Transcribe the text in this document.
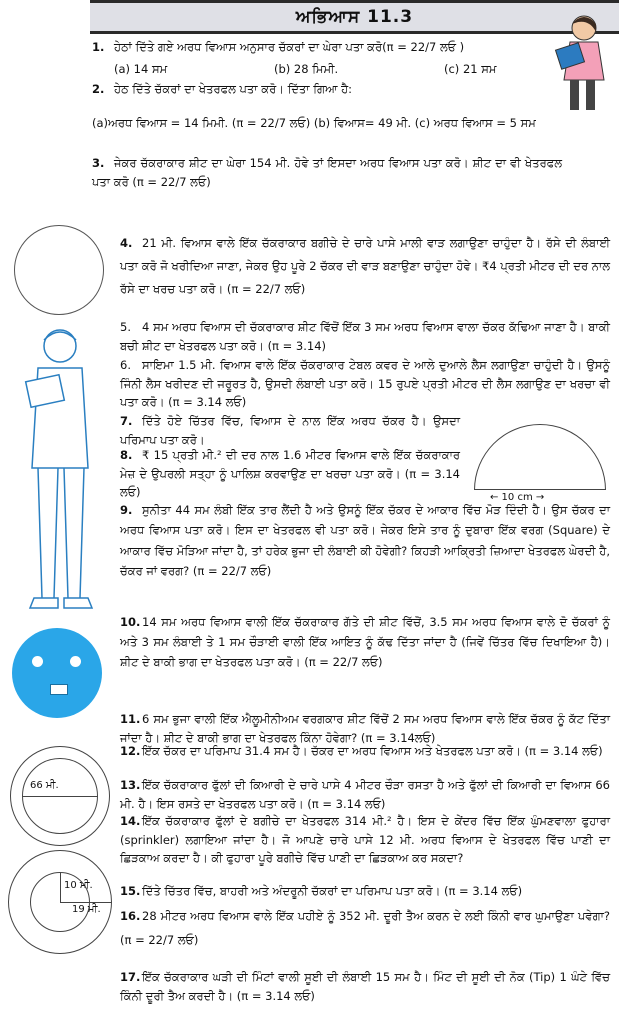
ਅਭਿਆਸ 11.3

1. ਹੇਠਾਂ ਦਿੱਤੇ ਗਏ ਅਰਧ ਵਿਆਸ ਅਨੁਸਾਰ ਚੱਕਰਾਂ ਦਾ ਘੇਰਾ ਪਤਾ ਕਰੋ(π = 22/7 ਲਓ )

(a) 14 ਸਮ	(b) 28 ਮਿਮੀ.	(c) 21 ਸਮ

2. ਹੇਠ ਦਿੱਤੇ ਚੱਕਰਾਂ ਦਾ ਖੇਤਰਫਲ ਪਤਾ ਕਰੋ। ਦਿੱਤਾ ਗਿਆ ਹੈ:

(a)ਅਰਧ ਵਿਆਸ = 14 ਮਿਮੀ. (π = 22/7 ਲਓ) (b) ਵਿਆਸ= 49 ਮੀ. (c) ਅਰਧ ਵਿਆਸ = 5 ਸਮ

3. ਜੇਕਰ ਚੱਕਰਾਕਾਰ ਸ਼ੀਟ ਦਾ ਘੇਰਾ 154 ਮੀ. ਹੋਵੇ ਤਾਂ ਇਸਦਾ ਅਰਧ ਵਿਆਸ ਪਤਾ ਕਰੋ। ਸ਼ੀਟ ਦਾ ਵੀ ਖੇਤਰਫਲ ਪਤਾ ਕਰੋ (π = 22/7 ਲਓ)

4. 21 ਮੀ. ਵਿਆਸ ਵਾਲੇ ਇੱਕ ਚੱਕਰਾਕਾਰ ਬਗੀਚੇ ਦੇ ਚਾਰੇ ਪਾਸੇ ਮਾਲੀ ਵਾੜ ਲਗਾਉਣਾ ਚਾਹੁੰਦਾ ਹੈ। ਰੱਸੇ ਦੀ ਲੰਬਾਈ ਪਤਾ ਕਰੋ ਜੋ ਖਰੀਦਿਆ ਜਾਣਾ, ਜੇਕਰ ਉਹ ਪੂਰੇ 2 ਚੱਕਰ ਦੀ ਵਾੜ ਬਣਾਉਣਾ ਚਾਹੁੰਦਾ ਹੋਵੇ। ₹4 ਪ੍ਰਤੀ ਮੀਟਰ ਦੀ ਦਰ ਨਾਲ ਰੱਸੇ ਦਾ ਖਰਚ ਪਤਾ ਕਰੋ। (π = 22/7 ਲਓ)

5. 4 ਸਮ ਅਰਧ ਵਿਆਸ ਦੀ ਚੱਕਰਾਕਾਰ ਸ਼ੀਟ ਵਿੱਚੋਂ ਇੱਕ 3 ਸਮ ਅਰਧ ਵਿਆਸ ਵਾਲਾ ਚੱਕਰ ਕੱਢਿਆ ਜਾਣਾ ਹੈ। ਬਾਕੀ ਬਚੀ ਸ਼ੀਟ ਦਾ ਖੇਤਰਫਲ ਪਤਾ ਕਰੋ। (π = 3.14)

6. ਸਾਇਮਾ 1.5 ਮੀ. ਵਿਆਸ ਵਾਲੇ ਇੱਕ ਚੱਕਰਾਕਾਰ ਟੇਬਲ ਕਵਰ ਦੇ ਆਲੇ ਦੁਆਲੇ ਲੈਸ ਲਗਾਉਣਾ ਚਾਹੁੰਦੀ ਹੈ। ਉਸਨੂੰ ਜਿੰਨੀ ਲੈਸ ਖਰੀਦਣ ਦੀ ਜਰੂਰਤ ਹੈ, ਉਸਦੀ ਲੰਬਾਈ ਪਤਾ ਕਰੋ। 15 ਰੁਪਏ ਪ੍ਰਤੀ ਮੀਟਰ ਦੀ ਲੈਸ ਲਗਾਉਣ ਦਾ ਖਰਚਾ ਵੀ ਪਤਾ ਕਰੋ। (π = 3.14 ਲਓ)

7. ਦਿੱਤੇ ਹੋਏ ਚਿੱਤਰ ਵਿੱਚ, ਵਿਆਸ ਦੇ ਨਾਲ ਇੱਕ ਅਰਧ ਚੱਕਰ ਹੈ। ਉਸਦਾ ਪਰਿਮਾਪ ਪਤਾ ਕਰੋ।

8. ₹ 15 ਪ੍ਰਤੀ ਮੀ.² ਦੀ ਦਰ ਨਾਲ 1.6 ਮੀਟਰ ਵਿਆਸ ਵਾਲੇ ਇੱਕ ਚੱਕਰਾਕਾਰ ਮੇਜ਼ ਦੇ ਉਪਰਲੀ ਸਤ੍ਹਾ ਨੂੰ ਪਾਲਿਸ਼ ਕਰਵਾਉਣ ਦਾ ਖਰਚਾ ਪਤਾ ਕਰੋ। (π = 3.14 ਲਓ)	← 10 cm →

9. ਸੁਨੀਤਾ 44 ਸਮ ਲੰਬੀ ਇੱਕ ਤਾਰ ਲੈਂਦੀ ਹੈ ਅਤੇ ਉਸਨੂੰ ਇੱਕ ਚੱਕਰ ਦੇ ਆਕਾਰ ਵਿੱਚ ਮੋੜ ਦਿੰਦੀ ਹੈ। ਉਸ ਚੱਕਰ ਦਾ ਅਰਧ ਵਿਆਸ ਪਤਾ ਕਰੋ। ਇਸ ਦਾ ਖੇਤਰਫਲ ਵੀ ਪਤਾ ਕਰੋ। ਜੇਕਰ ਇਸੇ ਤਾਰ ਨੂੰ ਦੁਬਾਰਾ ਇੱਕ ਵਰਗ (Square) ਦੇ ਆਕਾਰ ਵਿੱਚ ਮੋੜਿਆ ਜਾਂਦਾ ਹੈ, ਤਾਂ ਹਰੇਕ ਭੁਜਾ ਦੀ ਲੰਬਾਈ ਕੀ ਹੋਵੇਗੀ? ਕਿਹੜੀ ਆਕ੍ਰਿਤੀ ਜ਼ਿਆਦਾ ਖੇਤਰਫਲ ਘੇਰਦੀ ਹੈ, ਚੱਕਰ ਜਾਂ ਵਰਗ? (π = 22/7 ਲਓ)

10. 14 ਸਮ ਅਰਧ ਵਿਆਸ ਵਾਲੀ ਇੱਕ ਚੱਕਰਾਕਾਰ ਗੱਤੇ ਦੀ ਸ਼ੀਟ ਵਿੱਚੋਂ, 3.5 ਸਮ ਅਰਧ ਵਿਆਸ ਵਾਲੇ ਦੋ ਚੱਕਰਾਂ ਨੂੰ ਅਤੇ 3 ਸਮ ਲੰਬਾਈ ਤੇ 1 ਸਮ ਚੌੜਾਈ ਵਾਲੀ ਇੱਕ ਆਇਤ ਨੂੰ ਕੱਢ ਦਿੱਤਾ ਜਾਂਦਾ ਹੈ (ਜਿਵੇਂ ਚਿੱਤਰ ਵਿੱਚ ਦਿਖਾਇਆ ਹੈ)। ਸ਼ੀਟ ਦੇ ਬਾਕੀ ਭਾਗ ਦਾ ਖੇਤਰਫਲ ਪਤਾ ਕਰੋ। (π = 22/7 ਲਓ)

11. 6 ਸਮ ਭੁਜਾ ਵਾਲੀ ਇੱਕ ਐਲੂਮੀਨੀਅਮ ਵਰਗਕਾਰ ਸ਼ੀਟ ਵਿੱਚੋਂ 2 ਸਮ ਅਰਧ ਵਿਆਸ ਵਾਲੇ ਇੱਕ ਚੱਕਰ ਨੂੰ ਕੱਟ ਦਿੱਤਾ ਜਾਂਦਾ ਹੈ। ਸ਼ੀਟ ਦੇ ਬਾਕੀ ਭਾਗ ਦਾ ਖੇਤਰਫਲ ਕਿੰਨਾ ਹੋਵੇਗਾ? (π = 3.14ਲਓ)

12. ਇੱਕ ਚੱਕਰ ਦਾ ਪਰਿਮਾਪ 31.4 ਸਮ ਹੈ। ਚੱਕਰ ਦਾ ਅਰਧ ਵਿਆਸ ਅਤੇ ਖੇਤਰਫਲ ਪਤਾ ਕਰੋ। (π = 3.14 ਲਓ)

66 ਮੀ.	13. ਇੱਕ ਚੱਕਰਾਕਾਰ ਫੁੱਲਾਂ ਦੀ ਕਿਆਰੀ ਦੇ ਚਾਰੇ ਪਾਸੇ 4 ਮੀਟਰ ਚੌੜਾ ਰਸਤਾ ਹੈ ਅਤੇ ਫੁੱਲਾਂ ਦੀ ਕਿਆਰੀ ਦਾ ਵਿਆਸ 66 ਮੀ. ਹੈ। ਇਸ ਰਸਤੇ ਦਾ ਖੇਤਰਫਲ ਪਤਾ ਕਰੋ। (π = 3.14 ਲਓ)

14. ਇੱਕ ਚੱਕਰਾਕਾਰ ਫੁੱਲਾਂ ਦੇ ਬਗੀਚੇ ਦਾ ਖੇਤਰਫਲ 314 ਮੀ.² ਹੈ। ਇਸ ਦੇ ਕੇਂਦਰ ਵਿੱਚ ਇੱਕ ਘੁੰਮਣਵਾਲਾ ਫੁਹਾਰਾ (sprinkler) ਲਗਾਇਆ ਜਾਂਦਾ ਹੈ। ਜੋ ਆਪਣੇ ਚਾਰੇ ਪਾਸੇ 12 ਮੀ. ਅਰਧ ਵਿਆਸ ਦੇ ਖੇਤਰਫਲ ਵਿੱਚ ਪਾਣੀ ਦਾ ਛਿੜਕਾਅ ਕਰਦਾ ਹੈ। ਕੀ ਫੁਹਾਰਾ ਪੂਰੇ ਬਗੀਚੇ ਵਿੱਚ ਪਾਣੀ ਦਾ ਛਿੜਕਾਅ ਕਰ ਸਕਦਾ?

10 ਮੀ.
19 ਮੀ.

15. ਦਿੱਤੇ ਚਿੱਤਰ ਵਿੱਚ, ਬਾਹਰੀ ਅਤੇ ਅੰਦਰੂਨੀ ਚੱਕਰਾਂ ਦਾ ਪਰਿਮਾਪ ਪਤਾ ਕਰੋ। (π = 3.14 ਲਓ)

16. 28 ਮੀਟਰ ਅਰਧ ਵਿਆਸ ਵਾਲੇ ਇੱਕ ਪਹੀਏ ਨੂੰ 352 ਮੀ. ਦੂਰੀ ਤੈਅ ਕਰਨ ਦੇ ਲਈ ਕਿੰਨੀ ਵਾਰ ਘੁਮਾਉਣਾ ਪਵੇਗਾ? (π = 22/7 ਲਓ)

17. ਇੱਕ ਚੱਕਰਾਕਾਰ ਘੜੀ ਦੀ ਮਿੰਟਾਂ ਵਾਲੀ ਸੂਈ ਦੀ ਲੰਬਾਈ 15 ਸਮ ਹੈ। ਮਿੰਟ ਦੀ ਸੂਈ ਦੀ ਨੋਕ (Tip) 1 ਘੰਟੇ ਵਿੱਚ ਕਿੰਨੀ ਦੂਰੀ ਤੈਅ ਕਰਦੀ ਹੈ। (π = 3.14 ਲਓ)
